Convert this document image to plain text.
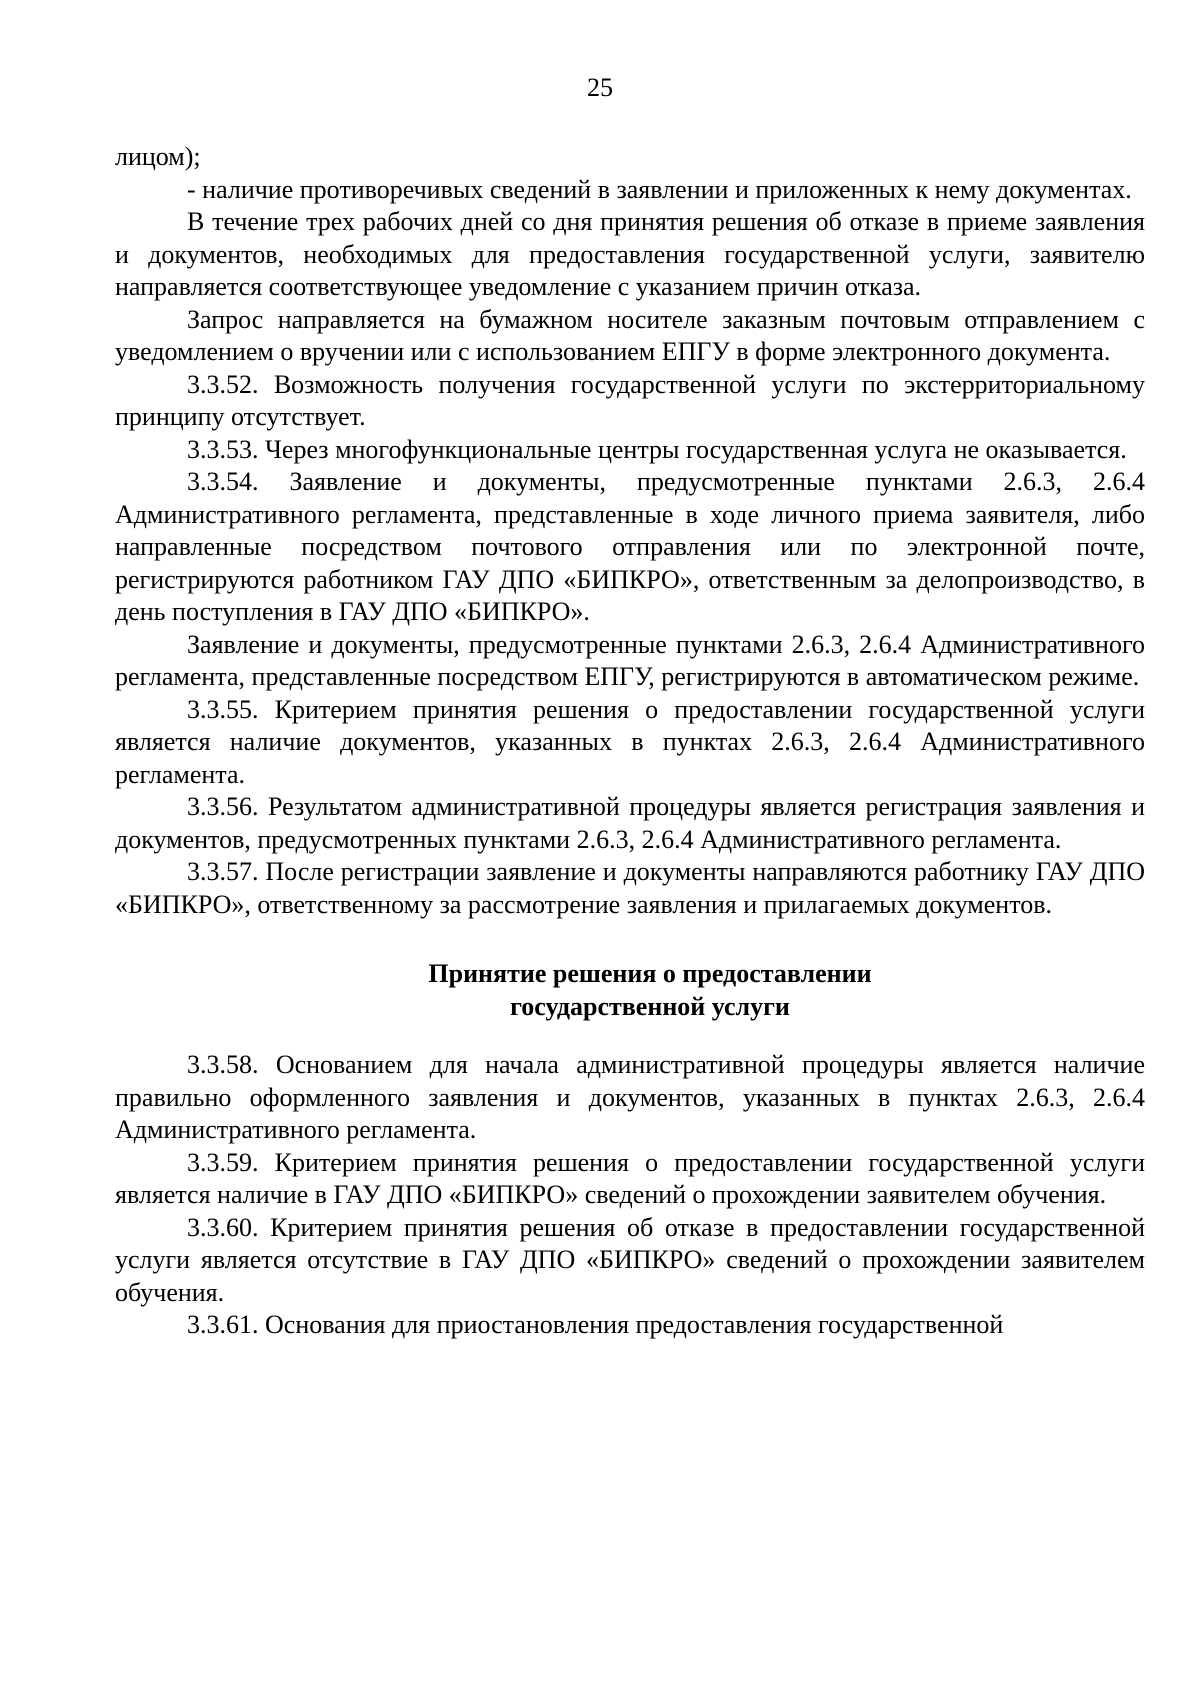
25

лицом);

- наличие противоречивых сведений в заявлении и приложенных к нему документах.

В течение трех рабочих дней со дня принятия решения об отказе в приеме заявления и документов, необходимых для предоставления государственной услуги, заявителю направляется соответствующее уведомление с указанием причин отказа.

Запрос направляется на бумажном носителе заказным почтовым отправлением с уведомлением о вручении или с использованием ЕПГУ в форме электронного документа.

3.3.52. Возможность получения государственной услуги по экстерриториальному принципу отсутствует.

3.3.53. Через многофункциональные центры государственная услуга не оказывается.

3.3.54. Заявление и документы, предусмотренные пунктами 2.6.3, 2.6.4 Административного регламента, представленные в ходе личного приема заявителя, либо направленные посредством почтового отправления или по электронной почте, регистрируются работником ГАУ ДПО «БИПКРО», ответственным за делопроизводство, в день поступления в ГАУ ДПО «БИПКРО».

Заявление и документы, предусмотренные пунктами 2.6.3, 2.6.4 Административного регламента, представленные посредством ЕПГУ, регистрируются в автоматическом режиме.

3.3.55. Критерием принятия решения о предоставлении государственной услуги является наличие документов, указанных в пунктах 2.6.3, 2.6.4 Административного регламента.

3.3.56. Результатом административной процедуры является регистрация заявления и документов, предусмотренных пунктами 2.6.3, 2.6.4 Административного регламента.

3.3.57. После регистрации заявление и документы направляются работнику ГАУ ДПО «БИПКРО», ответственному за рассмотрение заявления и прилагаемых документов.

Принятие решения о предоставлении
государственной услуги

3.3.58. Основанием для начала административной процедуры является наличие правильно оформленного заявления и документов, указанных в пунктах 2.6.3, 2.6.4 Административного регламента.

3.3.59. Критерием принятия решения о предоставлении государственной услуги является наличие в ГАУ ДПО «БИПКРО» сведений о прохождении заявителем обучения.

3.3.60. Критерием принятия решения об отказе в предоставлении государственной услуги является отсутствие в ГАУ ДПО «БИПКРО» сведений о прохождении заявителем обучения.

3.3.61. Основания для приостановления предоставления государственной
